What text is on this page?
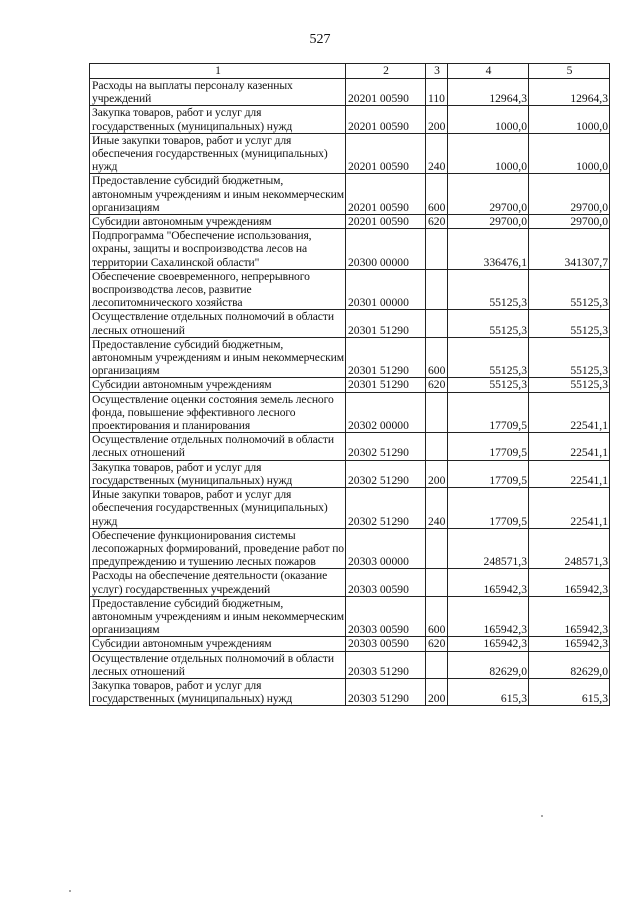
527
1	2	3	4	5
Расходы на выплаты персоналу казенных учреждений	20201 00590	110	12964,3	12964,3
Закупка товаров, работ и услуг для государственных (муниципальных) нужд	20201 00590	200	1000,0	1000,0
Иные закупки товаров, работ и услуг для обеспечения государственных (муниципальных) нужд	20201 00590	240	1000,0	1000,0
Предоставление субсидий бюджетным, автономным учреждениям и иным некоммерческим организациям	20201 00590	600	29700,0	29700,0
Субсидии автономным учреждениям	20201 00590	620	29700,0	29700,0
Подпрограмма "Обеспечение использования, охраны, защиты и воспроизводства лесов на территории Сахалинской области"	20300 00000		336476,1	341307,7
Обеспечение своевременного, непрерывного воспроизводства лесов, развитие лесопитомнического хозяйства	20301 00000		55125,3	55125,3
Осуществление отдельных полномочий в области лесных отношений	20301 51290		55125,3	55125,3
Предоставление субсидий бюджетным, автономным учреждениям и иным некоммерческим организациям	20301 51290	600	55125,3	55125,3
Субсидии автономным учреждениям	20301 51290	620	55125,3	55125,3
Осуществление оценки состояния земель лесного фонда, повышение эффективного лесного проектирования и планирования	20302 00000		17709,5	22541,1
Осуществление отдельных полномочий в области лесных отношений	20302 51290		17709,5	22541,1
Закупка товаров, работ и услуг для государственных (муниципальных) нужд	20302 51290	200	17709,5	22541,1
Иные закупки товаров, работ и услуг для обеспечения государственных (муниципальных) нужд	20302 51290	240	17709,5	22541,1
Обеспечение функционирования системы лесопожарных формирований, проведение работ по предупреждению и тушению лесных пожаров	20303 00000		248571,3	248571,3
Расходы на обеспечение деятельности (оказание услуг) государственных учреждений	20303 00590		165942,3	165942,3
Предоставление субсидий бюджетным, автономным учреждениям и иным некоммерческим организациям	20303 00590	600	165942,3	165942,3
Субсидии автономным учреждениям	20303 00590	620	165942,3	165942,3
Осуществление отдельных полномочий в области лесных отношений	20303 51290		82629,0	82629,0
Закупка товаров, работ и услуг для государственных (муниципальных) нужд	20303 51290	200	615,3	615,3
